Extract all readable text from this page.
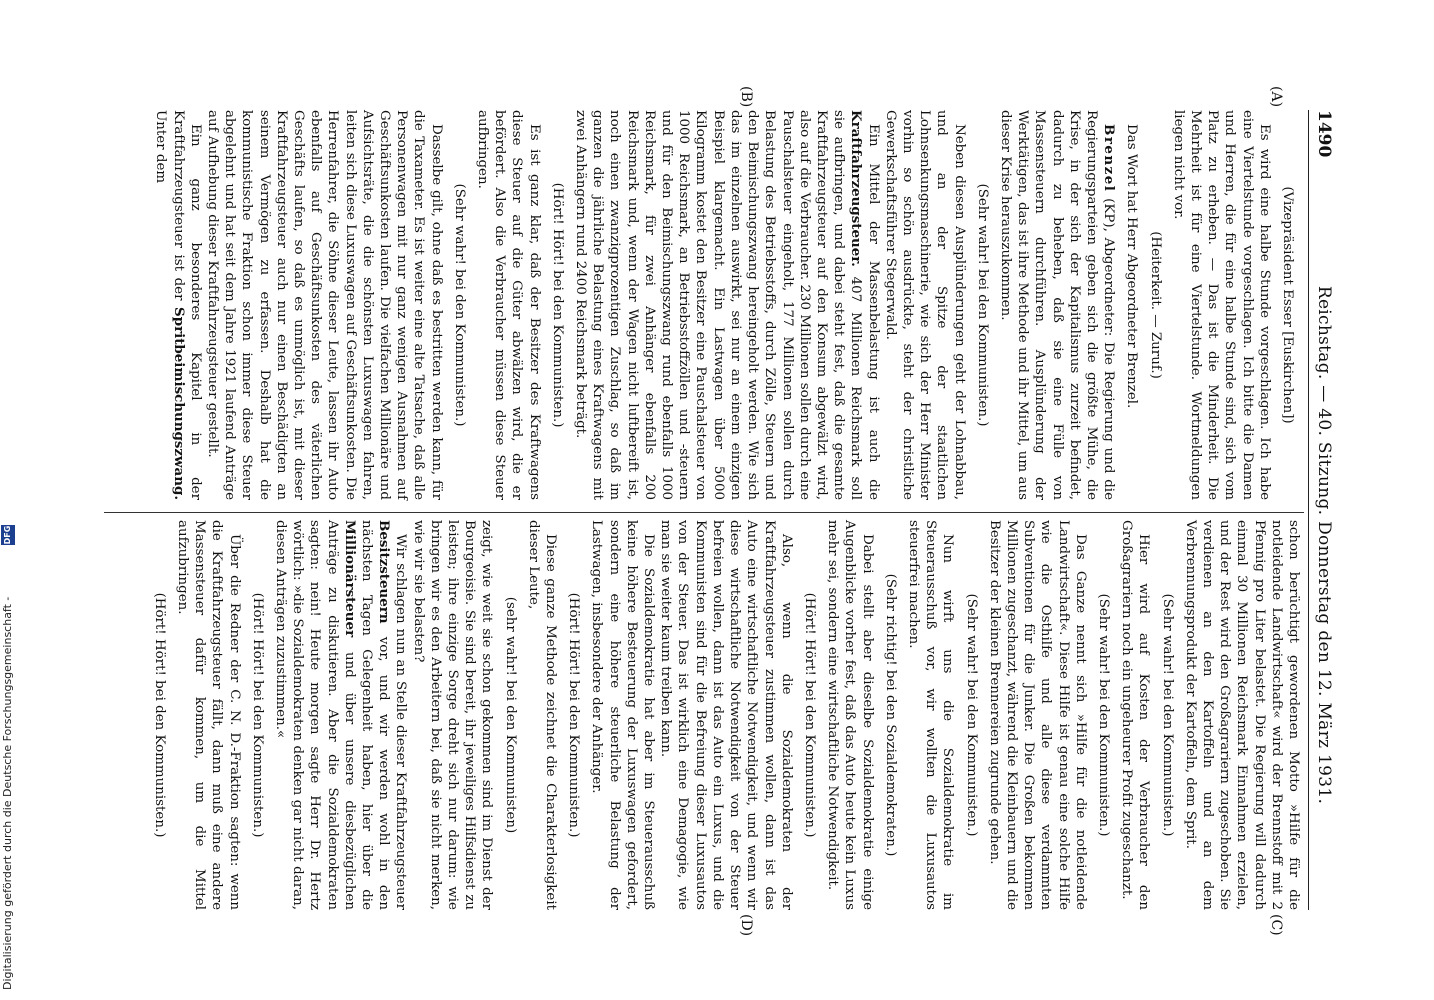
1490
Reichstag. — 40. Sitzung. Donnerstag den 12. März 1931.
(A)
(B)
(C)
(D)

(Vizepräsident Esser [Euskirchen])

Es wird eine halbe Stunde vorgeschlagen. Ich habe eine Viertelstunde vorgeschlagen. Ich bitte die Damen und Herren, die für eine halbe Stunde sind, sich vom Platz zu erheben. — Das ist die Minderheit. Die Mehrheit ist für eine Viertelstunde. Wortmeldungen liegen nicht vor.

(Heiterkeit. — Zuruf.)

Das Wort hat Herr Abgeordneter Brenzel.

Brenzel (KP), Abgeordneter: Die Regierung und die Regierungsparteien geben sich die größte Mühe, die Krise, in der sich der Kapitalismus zurzeit befindet, dadurch zu beheben, daß sie eine Fülle von Massensteuern durchführen. Ausplünderung der Werktätigen, das ist ihre Methode und ihr Mittel, um aus dieser Krise herauszukommen.

(Sehr wahr! bei den Kommunisten.)

Neben diesen Ausplünderungen geht der Lohnabbau, und an der Spitze der staatlichen Lohnsenkungsmaschinerie, wie sich der Herr Minister vorhin so schön ausdrückte, steht der christliche Gewerkschaftsführer Stegerwald.

Ein Mittel der Massenbelastung ist auch die Kraftfahrzeugsteuer. 407 Millionen Reichsmark soll sie aufbringen, und dabei steht fest, daß die gesamte Kraftfahrzeugsteuer auf den Konsum abgewälzt wird, also auf die Verbraucher. 230 Millionen sollen durch eine Pauschalsteuer eingeholt, 177 Millionen sollen durch Belastung des Betriebsstoffs, durch Zölle, Steuern und den Beimischungszwang hereingeholt werden. Wie sich das im einzelnen auswirkt, sei nur an einem einzigen Beispiel klargemacht. Ein Lastwagen über 5000 Kilogramm kostet den Besitzer eine Pauschalsteuer von 1000 Reichsmark, an Betriebsstoffzöllen und -steuern und für den Beimischungszwang rund ebenfalls 1000 Reichsmark, für zwei Anhänger ebenfalls 200 Reichsmark und, wenn der Wagen nicht luftbereift ist, noch einen zwanzigprozentigen Zuschlag, so daß im ganzen die jährliche Belastung eines Kraftwagens mit zwei Anhängern rund 2400 Reichsmark beträgt.

(Hört! Hört! bei den Kommunisten.)

Es ist ganz klar, daß der Besitzer des Kraftwagens diese Steuer auf die Güter abwälzen wird, die er befördert. Also die Verbraucher müssen diese Steuer aufbringen.

(Sehr wahr! bei den Kommunisten.)

Dasselbe gilt, ohne daß es bestritten werden kann, für die Taxameter. Es ist weiter eine alte Tatsache, daß alle Personenwagen mit nur ganz wenigen Ausnahmen auf Geschäftsunkosten laufen. Die vielfachen Millionäre und Aufsichtsräte, die die schönsten Luxuswagen fahren, leiten sich diese Luxuswagen auf Geschäftsunkosten. Die Herrenfahrer, die Söhne dieser Leute, lassen ihr Auto ebenfalls auf Geschäftsunkosten des väterlichen Geschäfts laufen, so daß es unmöglich ist, mit dieser Kraftfahrzeugsteuer auch nur einen Beschädigten an seinem Vermögen zu erfassen. Deshalb hat die kommunistische Fraktion schon immer diese Steuer abgelehnt und hat seit dem Jahre 1921 laufend Anträge auf Aufhebung dieser Kraftfahrzeugsteuer gestellt.

Ein ganz besonderes Kapitel in der Kraftfahrzeugsteuer ist der Spritbeimischungszwang. Unter dem

schon berüchtigt gewordenen Motto »Hilfe für die notleidende Landwirtschaft« wird der Brennstoff mit 2 Pfennig pro Liter belastet. Die Regierung will dadurch einmal 30 Millionen Reichsmark Einnahmen erzielen, und der Rest wird den Großagrariern zugeschoben. Sie verdienen an den Kartoffeln und an dem Verbrennungsprodukt der Kartoffeln, dem Sprit.

(Sehr wahr! bei den Kommunisten.)

Hier wird auf Kosten der Verbraucher den Großagrariern noch ein ungeheurer Profit zugeschanzt.

(Sehr wahr! bei den Kommunisten.)

Das Ganze nennt sich »Hilfe für die notleidende Landwirtschaft«. Diese Hilfe ist genau eine solche Hilfe wie die Osthilfe und alle diese verdammten Subventionen für die Junker. Die Großen bekommen Millionen zugeschanzt, während die Kleinbauern und die Besitzer der kleinen Brennereien zugrunde gehen.

(Sehr wahr! bei den Kommunisten.)

Nun wirft uns die Sozialdemokratie im Steuerausschuß vor, wir wollten die Luxusautos steuerfrei machen.

(Sehr richtig! bei den Sozialdemokraten.)

Dabei stellt aber dieselbe Sozialdemokratie einige Augenblicke vorher fest, daß das Auto heute kein Luxus mehr sei, sondern eine wirtschaftliche Notwendigkeit.

(Hört! Hört! bei den Kommunisten.)

Also, wenn die Sozialdemokraten der Kraftfahrzeugsteuer zustimmen wollen, dann ist das Auto eine wirtschaftliche Notwendigkeit, und wenn wir diese wirtschaftliche Notwendigkeit von der Steuer befreien wollen, dann ist das Auto ein Luxus, und die Kommunisten sind für die Befreiung dieser Luxusautos von der Steuer. Das ist wirklich eine Demagogie, wie man sie weiter kaum treiben kann.

Die Sozialdemokratie hat aber im Steuerausschuß keine höhere Besteuerung der Luxuswagen gefordert, sondern eine höhere steuerliche Belastung der Lastwagen, insbesondere der Anhänger.

(Hört! Hört! bei den Kommunisten.)

Diese ganze Methode zeichnet die Charakterlosigkeit dieser Leute,

(sehr wahr! bei den Kommunisten)

zeigt, wie weit sie schon gekommen sind im Dienst der Bourgeoisie. Sie sind bereit, ihr jeweiliges Hilfsdienst zu leisten; ihre einzige Sorge dreht sich nur darum: wie bringen wir es den Arbeitern bei, daß sie nicht merken, wie wir sie belasten?

Wir schlagen nun an Stelle dieser Kraftfahrzeugsteuer Besitzsteuern vor, und wir werden wohl in den nächsten Tagen Gelegenheit haben, hier über die Millionärsteuer und über unsere diesbezüglichen Anträge zu diskutieren. Aber die Sozialdemokraten sagten: nein! Heute morgen sagte Herr Dr. Hertz wörtlich: »die Sozialdemokraten denken gar nicht daran, diesen Anträgen zuzustimmen.«

(Hört! Hört! bei den Kommunisten.)

Über die Redner der C. N. D.-Fraktion sagten: wenn die Kraftfahrzeugsteuer fällt, dann muß eine andere Massensteuer dafür kommen, um die Mittel aufzubringen.

(Hört! Hört! bei den Kommunisten.)

Digitalisierung gefördert durch die Deutsche Forschungsgemeinschaft -
DFG
